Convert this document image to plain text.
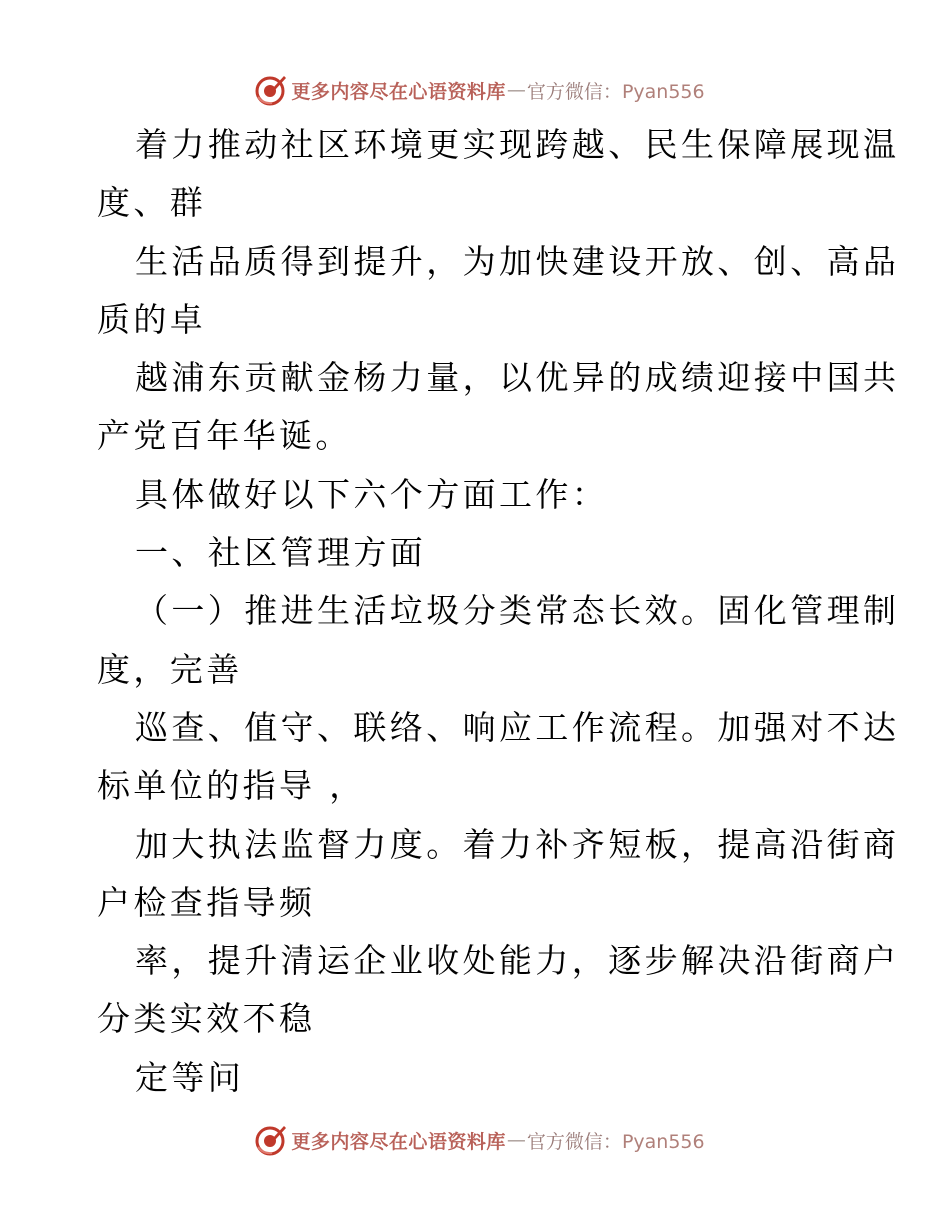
更多内容尽在心语资料库 — 官方微信：Pyan556
着力推动社区环境更实现跨越、民生保障展现温
度、群
生活品质得到提升，为加快建设开放、创、高品
质的卓
越浦东贡献金杨力量，以优异的成绩迎接中国共
产党百年华诞。
具体做好以下六个方面工作：
一、社区管理方面
（一）推进生活垃圾分类常态长效。固化管理制
度，完善
巡查、值守、联络、响应工作流程。加强对不达
标单位的指导 ，
加大执法监督力度。着力补齐短板，提高沿街商
户检查指导频
率，提升清运企业收处能力，逐步解决沿街商户
分类实效不稳
定等问
更多内容尽在心语资料库 — 官方微信：Pyan556
